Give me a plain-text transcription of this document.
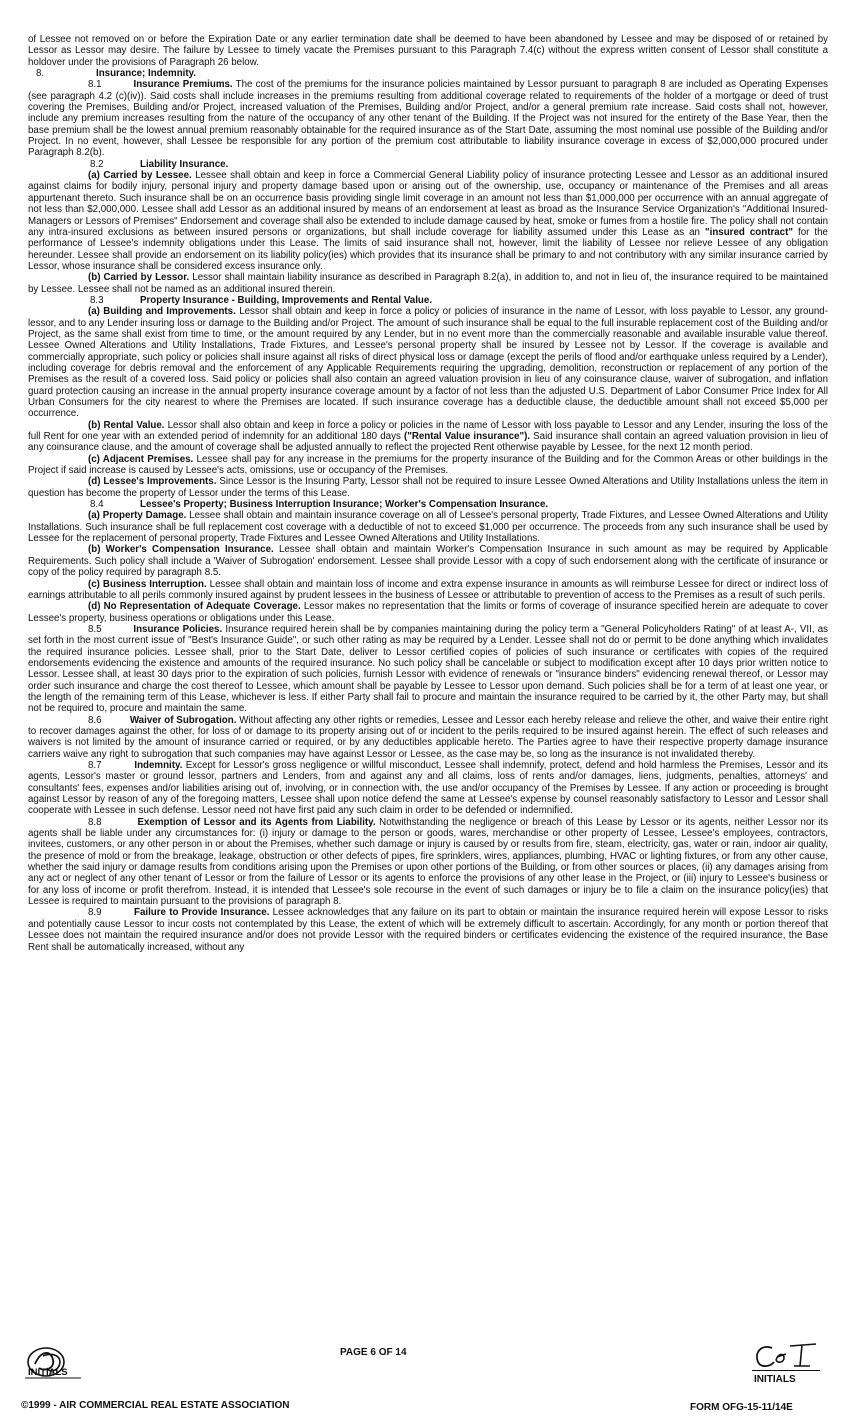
of Lessee not removed on or before the Expiration Date or any earlier termination date shall be deemed to have been abandoned by Lessee and may be disposed of or retained by Lessor as Lessor may desire. The failure by Lessee to timely vacate the Premises pursuant to this Paragraph 7.4(c) without the express written consent of Lessor shall constitute a holdover under the provisions of Paragraph 26 below.

8.	Insurance; Indemnity.

8.1	Insurance Premiums. The cost of the premiums for the insurance policies maintained by Lessor pursuant to paragraph 8 are included as Operating Expenses (see paragraph 4.2 (c)(iv)). Said costs shall include increases in the premiums resulting from additional coverage related to requirements of the holder of a mortgage or deed of trust covering the Premises, Building and/or Project, increased valuation of the Premises, Building and/or Project, and/or a general premium rate increase. Said costs shall not, however, include any premium increases resulting from the nature of the occupancy of any other tenant of the Building. If the Project was not insured for the entirety of the Base Year, then the base premium shall be the lowest annual premium reasonably obtainable for the required insurance as of the Start Date, assuming the most nominal use possible of the Building and/or Project. In no event, however, shall Lessee be responsible for any portion of the premium cost attributable to liability insurance coverage in excess of $2,000,000 procured under Paragraph 8.2(b).

8.2	Liability Insurance.

(a) Carried by Lessee. Lessee shall obtain and keep in force a Commercial General Liability policy of insurance protecting Lessee and Lessor as an additional insured against claims for bodily injury, personal injury and property damage based upon or arising out of the ownership, use, occupancy or maintenance of the Premises and all areas appurtenant thereto. Such insurance shall be on an occurrence basis providing single limit coverage in an amount not less than $1,000,000 per occurrence with an annual aggregate of not less than $2,000,000. Lessee shall add Lessor as an additional insured by means of an endorsement at least as broad as the Insurance Service Organization's "Additional Insured-Managers or Lessors of Premises" Endorsement and coverage shall also be extended to include damage caused by heat, smoke or fumes from a hostile fire. The policy shall not contain any intra-insured exclusions as between insured persons or organizations, but shall include coverage for liability assumed under this Lease as an "insured contract" for the performance of Lessee's indemnity obligations under this Lease. The limits of said insurance shall not, however, limit the liability of Lessee nor relieve Lessee of any obligation hereunder. Lessee shall provide an endorsement on its liability policy(ies) which provides that its insurance shall be primary to and not contributory with any similar insurance carried by Lessor, whose insurance shall be considered excess insurance only.

(b) Carried by Lessor. Lessor shall maintain liability insurance as described in Paragraph 8.2(a), in addition to, and not in lieu of, the insurance required to be maintained by Lessee. Lessee shall not be named as an additional insured therein.

8.3	Property Insurance - Building, Improvements and Rental Value.

(a) Building and Improvements. Lessor shall obtain and keep in force a policy or policies of insurance in the name of Lessor, with loss payable to Lessor, any ground-lessor, and to any Lender insuring loss or damage to the Building and/or Project. The amount of such insurance shall be equal to the full insurable replacement cost of the Building and/or Project, as the same shall exist from time to time, or the amount required by any Lender, but in no event more than the commercially reasonable and available insurable value thereof. Lessee Owned Alterations and Utility Installations, Trade Fixtures, and Lessee's personal property shall be insured by Lessee not by Lessor. If the coverage is available and commercially appropriate, such policy or policies shall insure against all risks of direct physical loss or damage (except the perils of flood and/or earthquake unless required by a Lender), including coverage for debris removal and the enforcement of any Applicable Requirements requiring the upgrading, demolition, reconstruction or replacement of any portion of the Premises as the result of a covered loss. Said policy or policies shall also contain an agreed valuation provision in lieu of any coinsurance clause, waiver of subrogation, and inflation guard protection causing an increase in the annual property insurance coverage amount by a factor of not less than the adjusted U.S. Department of Labor Consumer Price Index for All Urban Consumers for the city nearest to where the Premises are located. If such insurance coverage has a deductible clause, the deductible amount shall not exceed $5,000 per occurrence.

(b) Rental Value. Lessor shall also obtain and keep in force a policy or policies in the name of Lessor with loss payable to Lessor and any Lender, insuring the loss of the full Rent for one year with an extended period of indemnity for an additional 180 days ("Rental Value insurance"). Said insurance shall contain an agreed valuation provision in lieu of any coinsurance clause, and the amount of coverage shall be adjusted annually to reflect the projected Rent otherwise payable by Lessee, for the next 12 month period.

(c) Adjacent Premises. Lessee shall pay for any increase in the premiums for the property insurance of the Building and for the Common Areas or other buildings in the Project if said increase is caused by Lessee's acts, omissions, use or occupancy of the Premises.

(d) Lessee's Improvements. Since Lessor is the Insuring Party, Lessor shall not be required to insure Lessee Owned Alterations and Utility Installations unless the item in question has become the property of Lessor under the terms of this Lease.

8.4	Lessee's Property; Business Interruption Insurance; Worker's Compensation Insurance.

(a) Property Damage. Lessee shall obtain and maintain insurance coverage on all of Lessee's personal property, Trade Fixtures, and Lessee Owned Alterations and Utility Installations. Such insurance shall be full replacement cost coverage with a deductible of not to exceed $1,000 per occurrence. The proceeds from any such insurance shall be used by Lessee for the replacement of personal property, Trade Fixtures and Lessee Owned Alterations and Utility Installations.

(b) Worker's Compensation Insurance. Lessee shall obtain and maintain Worker's Compensation Insurance in such amount as may be required by Applicable Requirements. Such policy shall include a 'Waiver of Subrogation' endorsement. Lessee shall provide Lessor with a copy of such endorsement along with the certificate of insurance or copy of the policy required by paragraph 8.5.

(c) Business Interruption. Lessee shall obtain and maintain loss of income and extra expense insurance in amounts as will reimburse Lessee for direct or indirect loss of earnings attributable to all perils commonly insured against by prudent lessees in the business of Lessee or attributable to prevention of access to the Premises as a result of such perils.

(d) No Representation of Adequate Coverage. Lessor makes no representation that the limits or forms of coverage of insurance specified herein are adequate to cover Lessee's property, business operations or obligations under this Lease.

8.5	Insurance Policies. Insurance required herein shall be by companies maintaining during the policy term a "General Policyholders Rating" of at least A-, VII, as set forth in the most current issue of "Best's Insurance Guide", or such other rating as may be required by a Lender. Lessee shall not do or permit to be done anything which invalidates the required insurance policies. Lessee shall, prior to the Start Date, deliver to Lessor certified copies of policies of such insurance or certificates with copies of the required endorsements evidencing the existence and amounts of the required insurance. No such policy shall be cancelable or subject to modification except after 10 days prior written notice to Lessor. Lessee shall, at least 30 days prior to the expiration of such policies, furnish Lessor with evidence of renewals or "insurance binders" evidencing renewal thereof, or Lessor may order such insurance and charge the cost thereof to Lessee, which amount shall be payable by Lessee to Lessor upon demand. Such policies shall be for a term of at least one year, or the length of the remaining term of this Lease, whichever is less. If either Party shall fail to procure and maintain the insurance required to be carried by it, the other Party may, but shall not be required to, procure and maintain the same.

8.6	Waiver of Subrogation. Without affecting any other rights or remedies, Lessee and Lessor each hereby release and relieve the other, and waive their entire right to recover damages against the other, for loss of or damage to its property arising out of or incident to the perils required to be insured against herein. The effect of such releases and waivers is not limited by the amount of insurance carried or required, or by any deductibles applicable hereto. The Parties agree to have their respective property damage insurance carriers waive any right to subrogation that such companies may have against Lessor or Lessee, as the case may be, so long as the insurance is not invalidated thereby.

8.7	Indemnity. Except for Lessor's gross negligence or willful misconduct, Lessee shall indemnify, protect, defend and hold harmless the Premises, Lessor and its agents, Lessor's master or ground lessor, partners and Lenders, from and against any and all claims, loss of rents and/or damages, liens, judgments, penalties, attorneys' and consultants' fees, expenses and/or liabilities arising out of, involving, or in connection with, the use and/or occupancy of the Premises by Lessee. If any action or proceeding is brought against Lessor by reason of any of the foregoing matters, Lessee shall upon notice defend the same at Lessee's expense by counsel reasonably satisfactory to Lessor and Lessor shall cooperate with Lessee in such defense. Lessor need not have first paid any such claim in order to be defended or indemnified.

8.8	Exemption of Lessor and its Agents from Liability. Notwithstanding the negligence or breach of this Lease by Lessor or its agents, neither Lessor nor its agents shall be liable under any circumstances for: (i) injury or damage to the person or goods, wares, merchandise or other property of Lessee, Lessee's employees, contractors, invitees, customers, or any other person in or about the Premises, whether such damage or injury is caused by or results from fire, steam, electricity, gas, water or rain, indoor air quality, the presence of mold or from the breakage, leakage, obstruction or other defects of pipes, fire sprinklers, wires, appliances, plumbing, HVAC or lighting fixtures, or from any other cause, whether the said injury or damage results from conditions arising upon the Premises or upon other portions of the Building, or from other sources or places, (ii) any damages arising from any act or neglect of any other tenant of Lessor or from the failure of Lessor or its agents to enforce the provisions of any other lease in the Project, or (iii) injury to Lessee's business or for any loss of income or profit therefrom. Instead, it is intended that Lessee's sole recourse in the event of such damages or injury be to file a claim on the insurance policy(ies) that Lessee is required to maintain pursuant to the provisions of paragraph 8.

8.9	Failure to Provide Insurance. Lessee acknowledges that any failure on its part to obtain or maintain the insurance required herein will expose Lessor to risks and potentially cause Lessor to incur costs not contemplated by this Lease, the extent of which will be extremely difficult to ascertain. Accordingly, for any month or portion thereof that Lessee does not maintain the required insurance and/or does not provide Lessor with the required binders or certificates evidencing the existence of the required insurance, the Base Rent shall be automatically increased, without any

INITIALS
PAGE 6 OF 14
INITIALS
©1999 - AIR COMMERCIAL REAL ESTATE ASSOCIATION	FORM OFG-15-11/14E
